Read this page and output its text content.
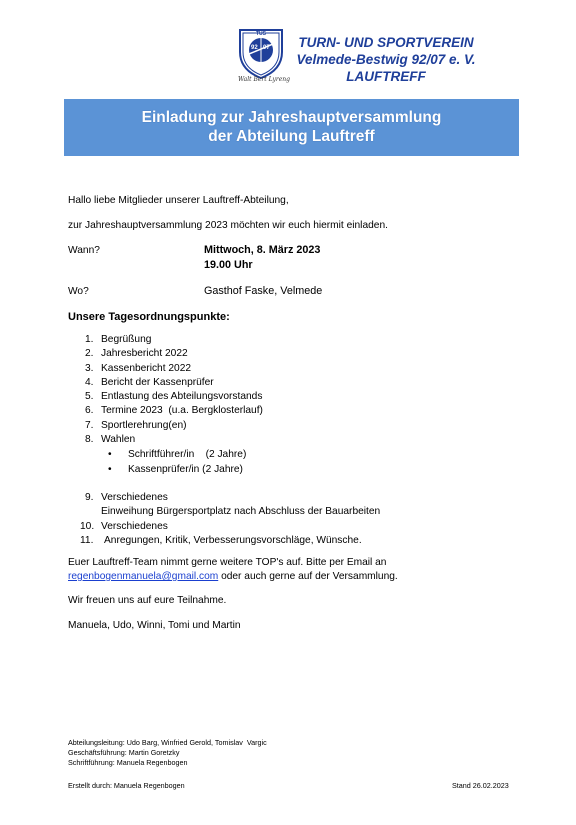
TUS
92 07
Walt Bert Lyreng
TURN- UND SPORTVEREIN
Velmede-Bestwig 92/07 e. V.
LAUFTREFF
Einladung zur Jahreshauptversammlung
der Abteilung Lauftreff
Hallo liebe Mitglieder unserer Lauftreff-Abteilung,
zur Jahreshauptversammlung 2023 möchten wir euch hiermit einladen.
Wann?	Mittwoch, 8. März 2023
19.00 Uhr
Wo?	Gasthof Faske, Velmede
Unsere Tagesordnungspunkte:
1. Begrüßung
2. Jahresbericht 2022
3. Kassenbericht 2022
4. Bericht der Kassenprüfer
5. Entlastung des Abteilungsvorstands
6. Termine 2023  (u.a. Bergklosterlauf)
7. Sportlerehrung(en)
8. Wahlen
• Schriftführer/in    (2 Jahre)
• Kassenprüfer/in (2 Jahre)
9. Verschiedenes
Einweihung Bürgersportplatz nach Abschluss der Bauarbeiten
10. Verschiedenes
11. Anregungen, Kritik, Verbesserungsvorschläge, Wünsche.
Euer Lauftreff-Team nimmt gerne weitere TOP's auf. Bitte per Email an
regenbogenmanuela@gmail.com oder auch gerne auf der Versammlung.
Wir freuen uns auf eure Teilnahme.
Manuela, Udo, Winni, Tomi und Martin
Abteilungsleitung: Udo Barg, Winfried Gerold, Tomislav  Vargic
Geschäftsführung: Martin Goretzky
Schriftführung: Manuela Regenbogen
Erstellt durch: Manuela Regenbogen	Stand 26.02.2023
